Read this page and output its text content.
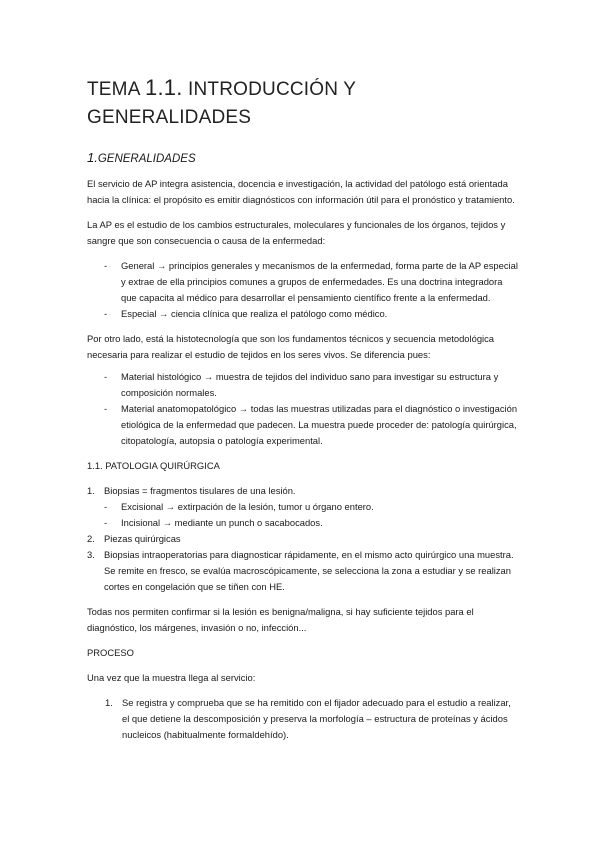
TEMA 1.1. INTRODUCCIÓN Y GENERALIDADES
1.GENERALIDADES

El servicio de AP integra asistencia, docencia e investigación, la actividad del patólogo está orientada hacia la clínica: el propósito es emitir diagnósticos con información útil para el pronóstico y tratamiento.

La AP es el estudio de los cambios estructurales, moleculares y funcionales de los órganos, tejidos y sangre que son consecuencia o causa de la enfermedad:

- General → principios generales y mecanismos de la enfermedad, forma parte de la AP especial y extrae de ella principios comunes a grupos de enfermedades. Es una doctrina integradora que capacita al médico para desarrollar el pensamiento científico frente a la enfermedad.
- Especial → ciencia clínica que realiza el patólogo como médico.

Por otro lado, está la histotecnología que son los fundamentos técnicos y secuencia metodológica necesaria para realizar el estudio de tejidos en los seres vivos. Se diferencia pues:

- Material histológico → muestra de tejidos del individuo sano para investigar su estructura y composición normales.
- Material anatomopatológico → todas las muestras utilizadas para el diagnóstico o investigación etiológica de la enfermedad que padecen. La muestra puede proceder de: patología quirúrgica, citopatología, autopsia o patología experimental.
1.1. PATOLOGIA QUIRÚRGICA
1. Biopsias = fragmentos tisulares de una lesión.
- Excisional → extirpación de la lesión, tumor u órgano entero.
- Incisional → mediante un punch o sacabocados.
2. Piezas quirúrgicas
3. Biopsias intraoperatorias para diagnosticar rápidamente, en el mismo acto quirúrgico una muestra. Se remite en fresco, se evalúa macroscópicamente, se selecciona la zona a estudiar y se realizan cortes en congelación que se tiñen con HE.

Todas nos permiten confirmar si la lesión es benigna/maligna, si hay suficiente tejidos para el diagnóstico, los márgenes, invasión o no, infección...

PROCESO

Una vez que la muestra llega al servicio:

1. Se registra y comprueba que se ha remitido con el fijador adecuado para el estudio a realizar, el que detiene la descomposición y preserva la morfología – estructura de proteínas y ácidos nucleicos (habitualmente formaldehído).
